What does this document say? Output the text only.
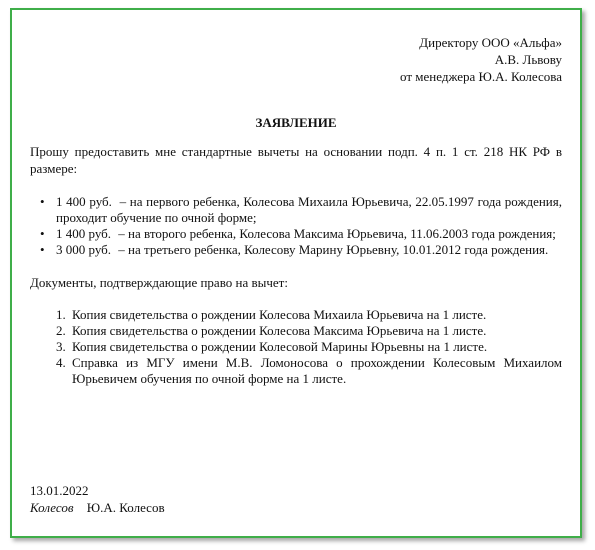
Директору ООО «Альфа»
А.В. Львову
от менеджера Ю.А. Колесова
ЗАЯВЛЕНИЕ
Прошу предоставить мне стандартные вычеты на основании подп. 4 п. 1 ст. 218 НК РФ в размере:
• 1 400 руб. – на первого ребенка, Колесова Михаила Юрьевича, 22.05.1997 года рождения, проходит обучение по очной форме;
• 1 400 руб. – на второго ребенка, Колесова Максима Юрьевича, 11.06.2003 года рождения;
• 3 000 руб. – на третьего ребенка, Колесову Марину Юрьевну, 10.01.2012 года рождения.
Документы, подтверждающие право на вычет:
1. Копия свидетельства о рождении Колесова Михаила Юрьевича на 1 листе.
2. Копия свидетельства о рождении Колесова Максима Юрьевича на 1 листе.
3. Копия свидетельства о рождении Колесовой Марины Юрьевны на 1 листе.
4. Справка из МГУ имени М.В. Ломоносова о прохождении Колесовым Михаилом Юрьевичем обучения по очной форме на 1 листе.
13.01.2022
Колесов Ю.А. Колесов
